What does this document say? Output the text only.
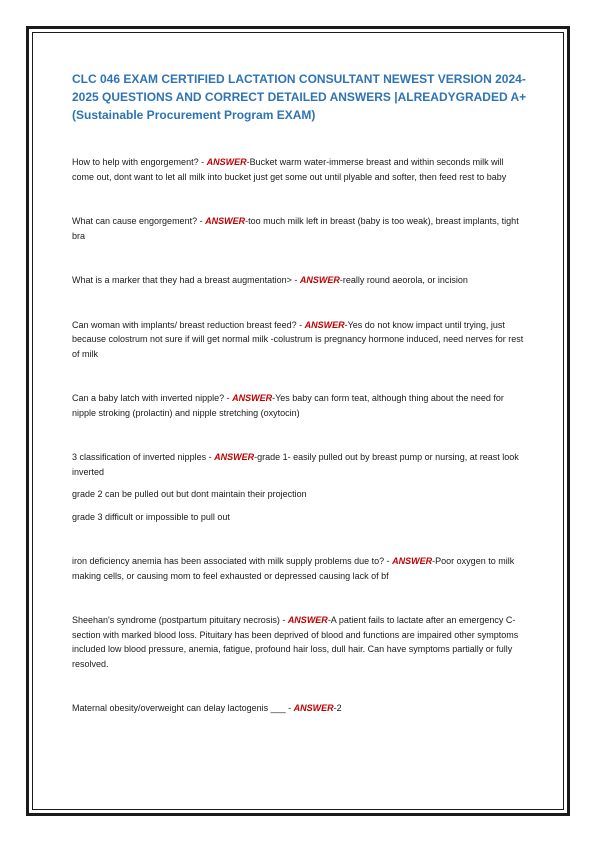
CLC 046 EXAM CERTIFIED LACTATION CONSULTANT NEWEST VERSION 2024-2025 QUESTIONS AND CORRECT DETAILED ANSWERS |ALREADYGRADED A+(Sustainable Procurement Program EXAM)

How to help with engorgement? - ANSWER-Bucket warm water-immerse breast and within seconds milk will come out, dont want to let all milk into bucket just get some out until plyable and softer, then feed rest to baby

What can cause engorgement? - ANSWER-too much milk left in breast (baby is too weak), breast implants, tight bra

What is a marker that they had a breast augmentation> - ANSWER-really round aeorola, or incision

Can woman with implants/ breast reduction breast feed? - ANSWER-Yes do not know impact until trying, just because colostrum not sure if will get normal milk -colustrum is pregnancy hormone induced, need nerves for rest of milk

Can a baby latch with inverted nipple? - ANSWER-Yes baby can form teat, although thing about the need for nipple stroking (prolactin) and nipple stretching (oxytocin)

3 classification of inverted nipples - ANSWER-grade 1- easily pulled out by breast pump or nursing, at reast look inverted

grade 2 can be pulled out but dont maintain their projection

grade 3 difficult or impossible to pull out

iron deficiency anemia has been associated with milk supply problems due to? - ANSWER-Poor oxygen to milk making cells, or causing mom to feel exhausted or depressed causing lack of bf

Sheehan's syndrome (postpartum pituitary necrosis) - ANSWER-A patient fails to lactate after an emergency C-section with marked blood loss. Pituitary has been deprived of blood and functions are impaired other symptoms included low blood pressure, anemia, fatigue, profound hair loss, dull hair. Can have symptoms partially or fully resolved.

Maternal obesity/overweight can delay lactogenis ___ - ANSWER-2
